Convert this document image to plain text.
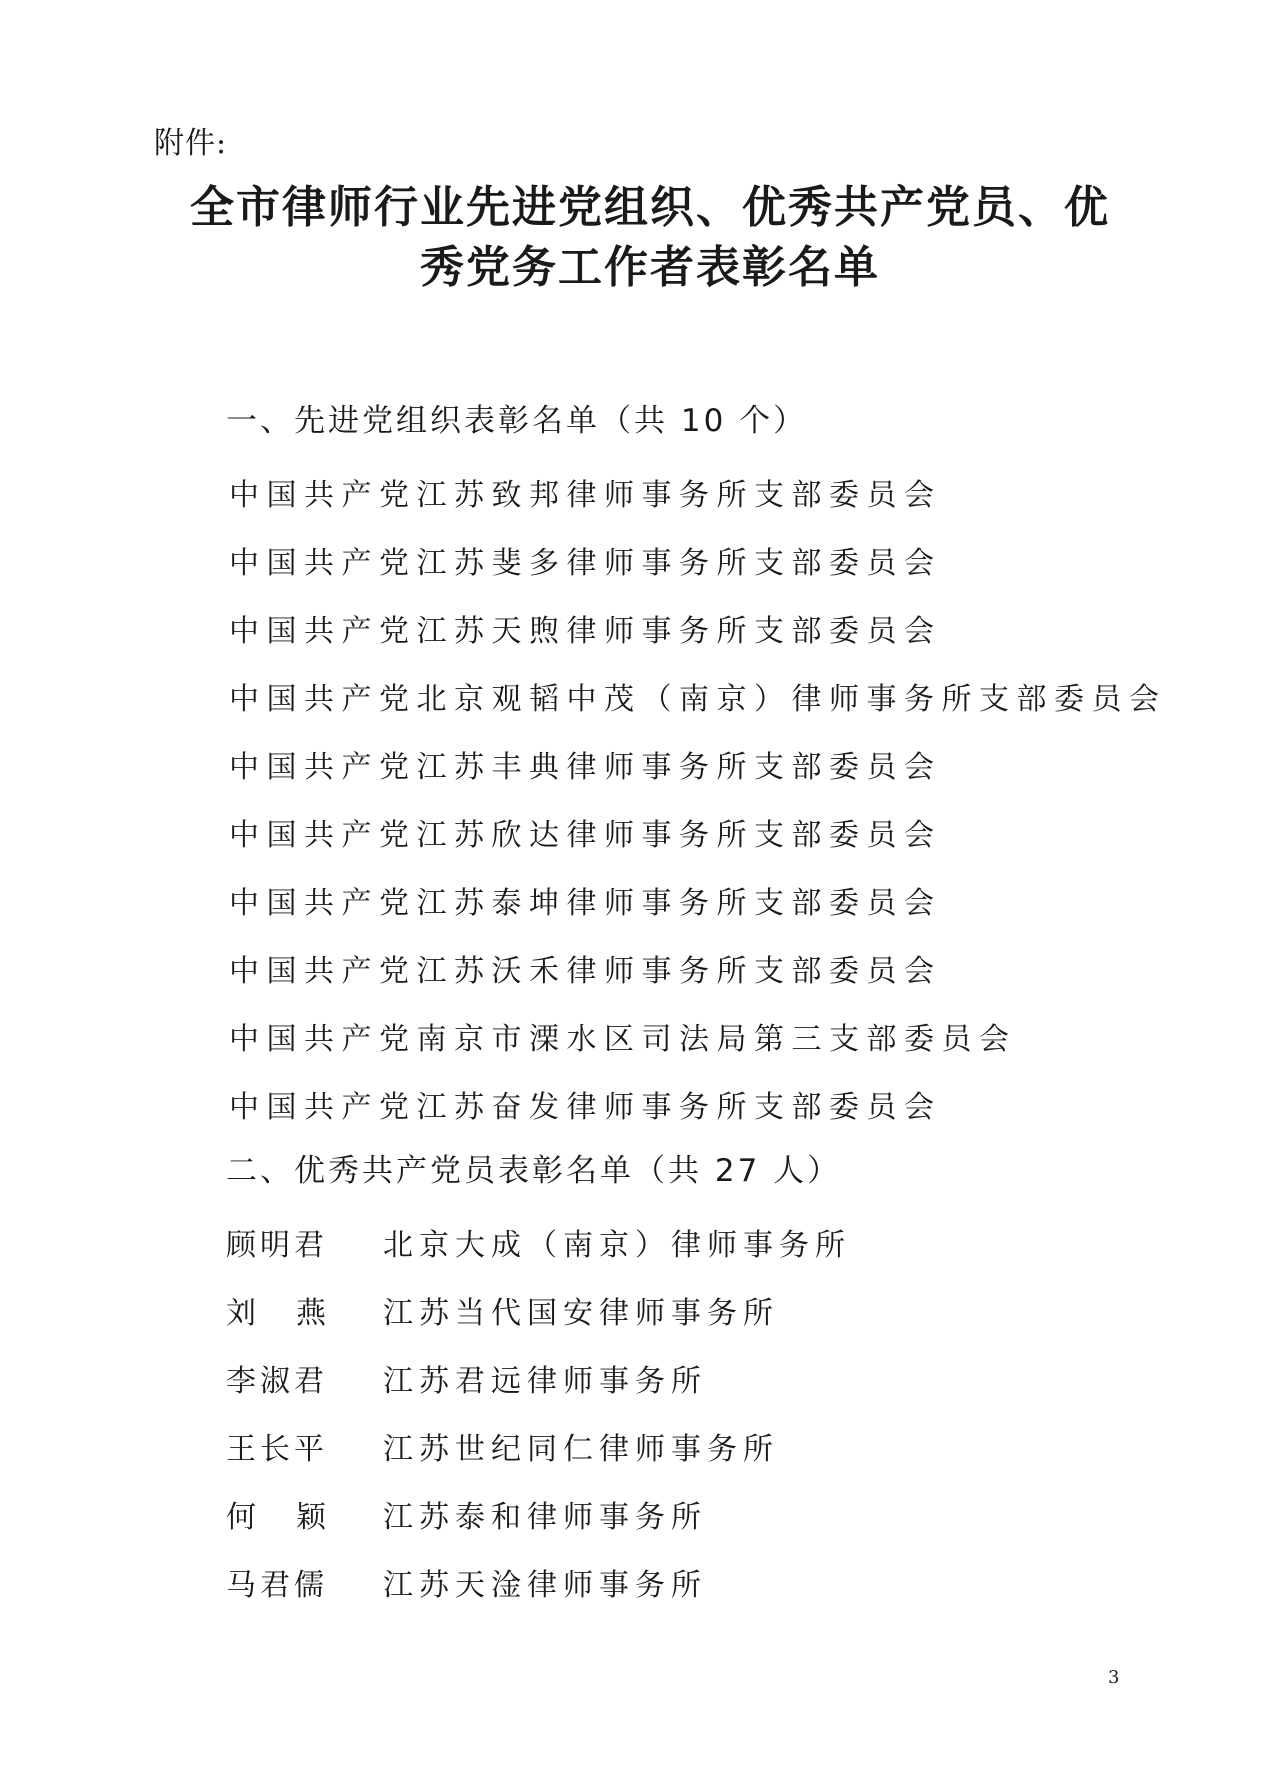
附件:
全市律师行业先进党组织、优秀共产党员、优
秀党务工作者表彰名单
一、先进党组织表彰名单（共 10 个）
中国共产党江苏致邦律师事务所支部委员会
中国共产党江苏斐多律师事务所支部委员会
中国共产党江苏天煦律师事务所支部委员会
中国共产党北京观韬中茂（南京）律师事务所支部委员会
中国共产党江苏丰典律师事务所支部委员会
中国共产党江苏欣达律师事务所支部委员会
中国共产党江苏泰坤律师事务所支部委员会
中国共产党江苏沃禾律师事务所支部委员会
中国共产党南京市溧水区司法局第三支部委员会
中国共产党江苏奋发律师事务所支部委员会
二、优秀共产党员表彰名单（共 27 人）
顾明君	北京大成（南京）律师事务所
刘燕 江苏当代国安律师事务所
李淑君	江苏君远律师事务所
王长平	江苏世纪同仁律师事务所
何颖 江苏泰和律师事务所
马君儒	江苏天淦律师事务所
3
